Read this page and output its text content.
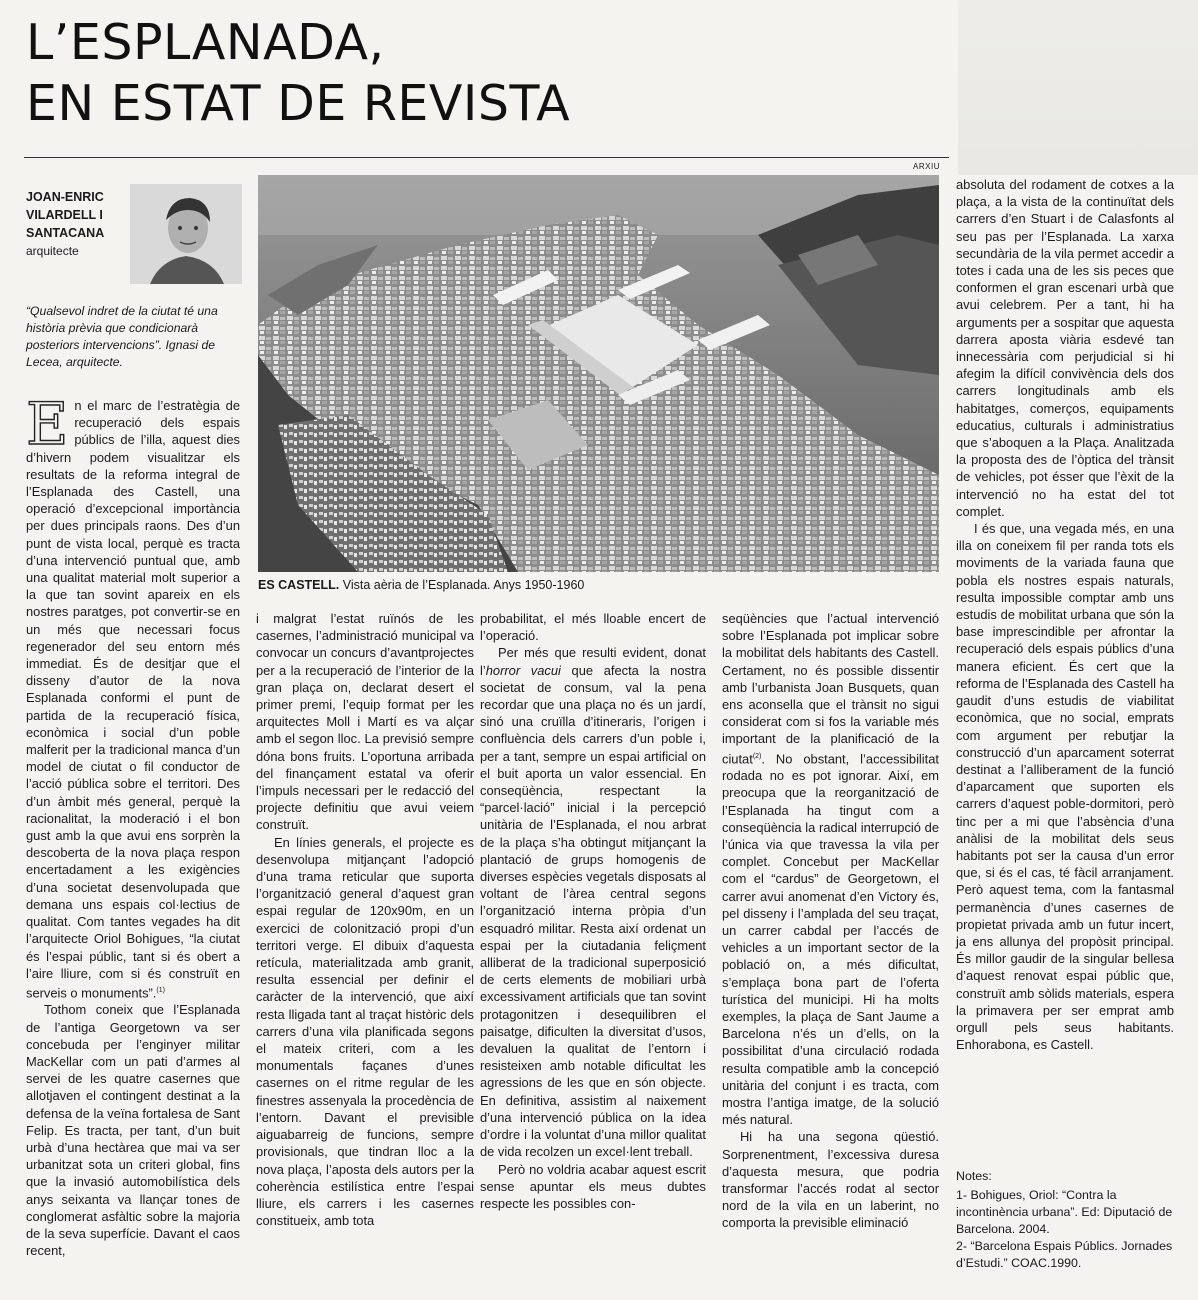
L’ESPLANADA,
EN ESTAT DE REVISTA
ARXIU
ES CASTELL. Vista aèria de l’Esplanada. Anys 1950-1960
JOAN-ENRIC
VILARDELL I
SANTACANA
arquitecte
“Qualsevol indret de la ciutat té una història prèvia que condicionarà posteriors intervencions”. Ignasi de Lecea, arquitecte.

En el marc de l’estratègia de recuperació dels espais públics de l’illa, aquest dies d’hivern podem visualitzar els resultats de la reforma integral de l’Esplanada des Castell, una operació d’excepcional importància per dues principals raons. Des d’un punt de vista local, perquè es tracta d’una intervenció puntual que, amb una qualitat material molt superior a la que tan sovint apareix en els nostres paratges, pot convertir-se en un més que necessari focus regenerador del seu entorn més immediat. És de desitjar que el disseny d’autor de la nova Esplanada conformi el punt de partida de la recuperació física, econòmica i social d’un poble malferit per la tradicional manca d’un model de ciutat o fil conductor de l’acció pública sobre el territori. Des d’un àmbit més general, perquè la racionalitat, la moderació i el bon gust amb la que avui ens sorprèn la descoberta de la nova plaça respon encertadament a les exigències d’una societat desenvolupada que demana uns espais col·lectius de qualitat. Com tantes vegades ha dit l’arquitecte Oriol Bohigues, “la ciutat és l’espai públic, tant si és obert a l’aire lliure, com si és construït en serveis o monuments”.$^{(1)}$

Tothom coneix que l’Esplanada de l’antiga Georgetown va ser concebuda per l’enginyer militar MacKellar com un pati d’armes al servei de les quatre casernes que allotjaven el contingent destinat a la defensa de la veïna fortalesa de Sant Felip. Es tracta, per tant, d’un buit urbà d’una hectàrea que mai va ser urbanitzat sota un criteri global, fins que la invasió automobilística dels anys seixanta va llançar tones de conglomerat asfàltic sobre la majoria de la seva superfície. Davant el caos recent,

i malgrat l’estat ruïnós de les casernes, l’administració municipal va convocar un concurs d’avantprojectes per a la recuperació de l’interior de la gran plaça on, declarat desert el primer premi, l’equip format per les arquitectes Moll i Martí es va alçar amb el segon lloc. La previsió sempre dóna bons fruits. L’oportuna arribada del finançament estatal va oferir l’impuls necessari per le redacció del projecte definitiu que avui veiem construït.

En línies generals, el projecte es desenvolupa mitjançant l’adopció d’una trama reticular que suporta l’organització general d’aquest gran espai regular de 120x90m, en un exercici de colonització propi d’un territori verge. El dibuix d’aquesta retícula, materialitzada amb granit, resulta essencial per definir el caràcter de la intervenció, que així resta lligada tant al traçat històric dels carrers d’una vila planificada segons el mateix criteri, com a les monumentals façanes d’unes casernes on el ritme regular de les finestres assenyala la procedència de l’entorn. Davant el previsible aiguabarreig de funcions, sempre provisionals, que tindran lloc a la nova plaça, l’aposta dels autors per la coherència estilística entre l’espai lliure, els carrers i les casernes constitueix, amb tota

probabilitat, el més lloable encert de l’operació.

Per més que resulti evident, donat l’horror vacui que afecta la nostra societat de consum, val la pena recordar que una plaça no és un jardí, sinó una cruïlla d’itineraris, l’origen i confluència dels carrers d’un poble i, per a tant, sempre un espai artificial on el buit aporta un valor essencial. En conseqüència, respectant la “parcel·lació” inicial i la percepció unitària de l’Esplanada, el nou arbrat de la plaça s’ha obtingut mitjançant la plantació de grups homogenis de diverses espècies vegetals disposats al voltant de l’àrea central segons l’organització interna pròpia d’un esquadró militar. Resta així ordenat un espai per la ciutadania feliçment alliberat de la tradicional superposició de certs elements de mobiliari urbà excessivament artificials que tan sovint protagonitzen i desequilibren el paisatge, dificulten la diversitat d’usos, devaluen la qualitat de l’entorn i resisteixen amb notable dificultat les agressions de les que en són objecte. En definitiva, assistim al naixement d’una intervenció pública on la idea d’ordre i la voluntat d’una millor qualitat de vida recolzen un excel·lent treball.

Però no voldria acabar aquest escrit sense apuntar els meus dubtes respecte les possibles con-

seqüències que l’actual intervenció sobre l’Esplanada pot implicar sobre la mobilitat dels habitants des Castell. Certament, no és possible dissentir amb l’urbanista Joan Busquets, quan ens aconsella que el trànsit no sigui considerat com si fos la variable més important de la planificació de la ciutat$^{(2)}$. No obstant, l’accessibilitat rodada no es pot ignorar. Així, em preocupa que la reorganització de l’Esplanada ha tingut com a conseqüència la radical interrupció de l’única via que travessa la vila per complet. Concebut per MacKellar com el “cardus” de Georgetown, el carrer avui anomenat d’en Victory és, pel disseny i l’amplada del seu traçat, un carrer cabdal per l’accés de vehicles a un important sector de la població on, a més dificultat, s’emplaça bona part de l’oferta turística del municipi. Hi ha molts exemples, la plaça de Sant Jaume a Barcelona n’és un d’ells, on la possibilitat d’una circulació rodada resulta compatible amb la concepció unitària del conjunt i es tracta, com mostra l’antiga imatge, de la solució més natural.

Hi ha una segona qüestió. Sorprenentment, l’excessiva duresa d’aquesta mesura, que podria transformar l’accés rodat al sector nord de la vila en un laberint, no comporta la previsible eliminació

absoluta del rodament de cotxes a la plaça, a la vista de la continuïtat dels carrers d’en Stuart i de Calasfonts al seu pas per l’Esplanada. La xarxa secundària de la vila permet accedir a totes i cada una de les sis peces que conformen el gran escenari urbà que avui celebrem. Per a tant, hi ha arguments per a sospitar que aquesta darrera aposta viària esdevé tan innecessària com perjudicial si hi afegim la difícil convivència dels dos carrers longitudinals amb els habitatges, comerços, equipaments educatius, culturals i administratius que s’aboquen a la Plaça. Analitzada la proposta des de l’òptica del trànsit de vehicles, pot ésser que l’èxit de la intervenció no ha estat del tot complet.

I és que, una vegada més, en una illa on coneixem fil per randa tots els moviments de la variada fauna que pobla els nostres espais naturals, resulta impossible comptar amb uns estudis de mobilitat urbana que són la base imprescindible per afrontar la recuperació dels espais públics d’una manera eficient. És cert que la reforma de l’Esplanada des Castell ha gaudit d’uns estudis de viabilitat econòmica, que no social, emprats com argument per rebutjar la construcció d’un aparcament soterrat destinat a l’alliberament de la funció d’aparcament que suporten els carrers d’aquest poble-dormitori, però tinc per a mi que l’absència d’una anàlisi de la mobilitat dels seus habitants pot ser la causa d’un error que, si és el cas, té fàcil arranjament. Però aquest tema, com la fantasmal permanència d’unes casernes de propietat privada amb un futur incert, ja ens allunya del propòsit principal. És millor gaudir de la singular bellesa d’aquest renovat espai públic que, construït amb sòlids materials, espera la primavera per ser emprat amb orgull pels seus habitants. Enhorabona, es Castell.

Notes:

1- Bohigues, Oriol: “Contra la incontinència urbana”. Ed: Diputació de Barcelona. 2004.

2- “Barcelona Espais Públics. Jornades d’Estudi.” COAC.1990.
